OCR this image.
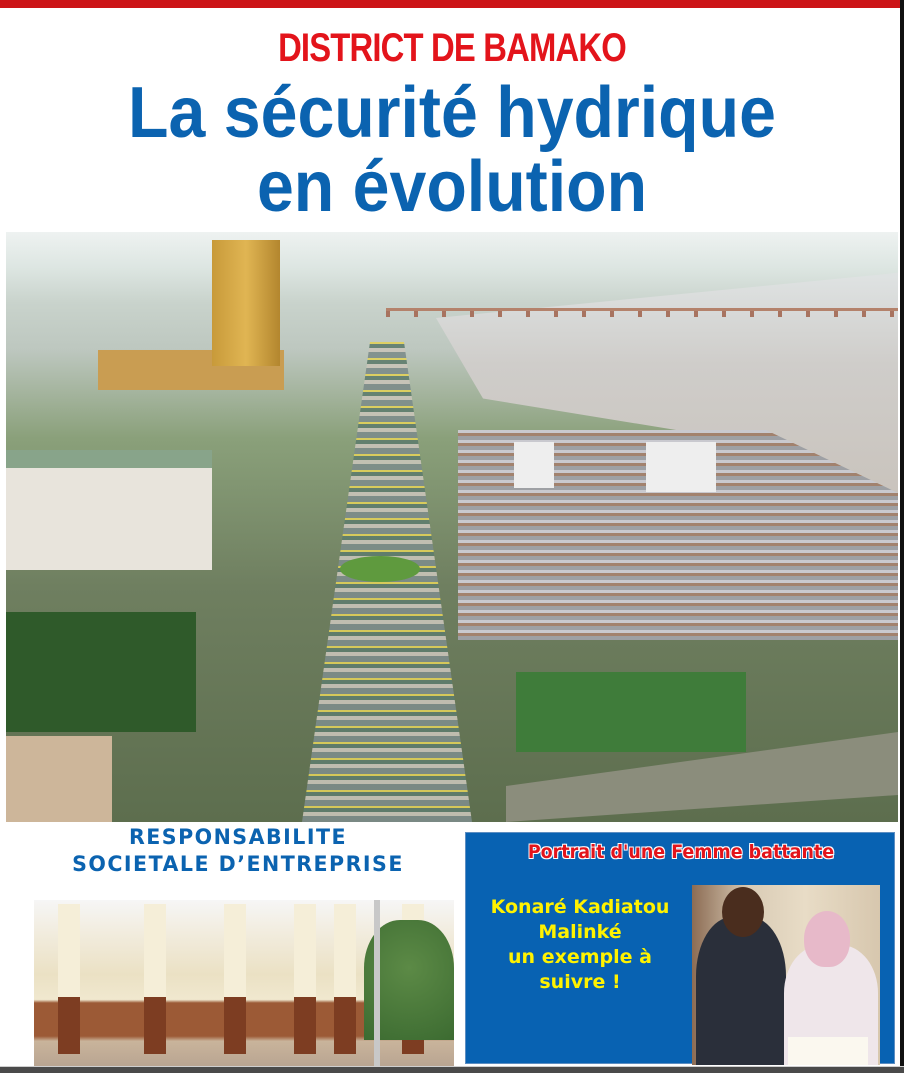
DISTRICT DE BAMAKO
La sécurité hydrique
en évolution
RESPONSABILITE
SOCIETALE D’ENTREPRISE	Portrait d'une Femme battante
Konaré Kadiatou
Malinké
un exemple à
suivre !
